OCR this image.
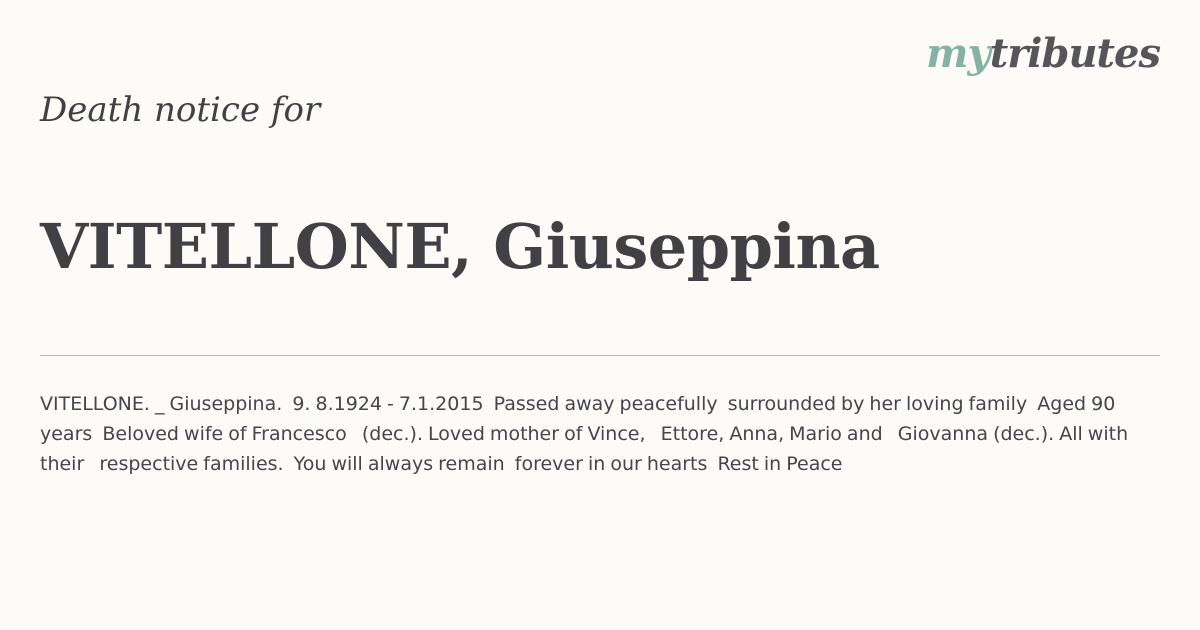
mytributes
Death notice for
VITELLONE, Giuseppina

VITELLONE. _ Giuseppina.  9. 8.1924 - 7.1.2015  Passed away peacefully  surrounded by her loving family  Aged 90 years  Beloved wife of Francesco   (dec.). Loved mother of Vince,   Ettore, Anna, Mario and   Giovanna (dec.). All with their   respective families.  You will always remain  forever in our hearts  Rest in Peace
